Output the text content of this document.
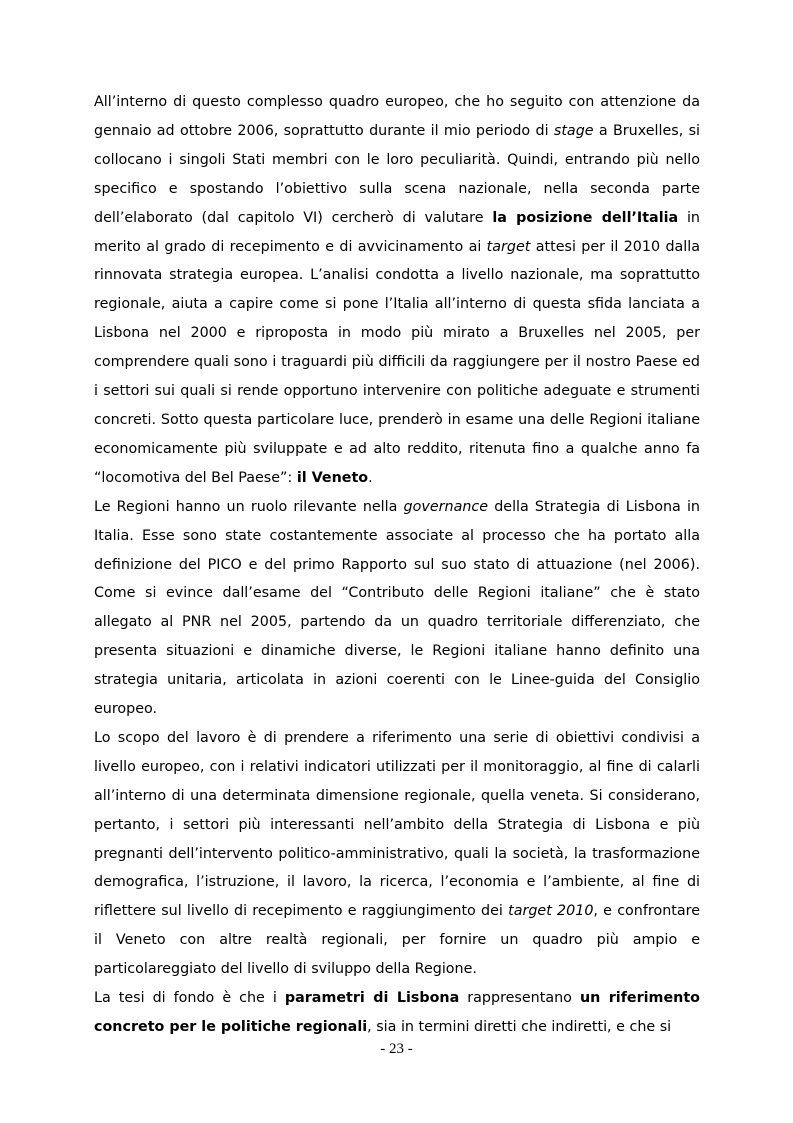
All’interno di questo complesso quadro europeo, che ho seguito con attenzione da gennaio ad ottobre 2006, soprattutto durante il mio periodo di stage a Bruxelles, si collocano i singoli Stati membri con le loro peculiarità. Quindi, entrando più nello specifico e spostando l’obiettivo sulla scena nazionale, nella seconda parte dell’elaborato (dal capitolo VI) cercherò di valutare la posizione dell’Italia in merito al grado di recepimento e di avvicinamento ai target attesi per il 2010 dalla rinnovata strategia europea. L’analisi condotta a livello nazionale, ma soprattutto regionale, aiuta a capire come si pone l’Italia all’interno di questa sfida lanciata a Lisbona nel 2000 e riproposta in modo più mirato a Bruxelles nel 2005, per comprendere quali sono i traguardi più difficili da raggiungere per il nostro Paese ed i settori sui quali si rende opportuno intervenire con politiche adeguate e strumenti concreti. Sotto questa particolare luce, prenderò in esame una delle Regioni italiane economicamente più sviluppate e ad alto reddito, ritenuta fino a qualche anno fa “locomotiva del Bel Paese”: il Veneto.

Le Regioni hanno un ruolo rilevante nella governance della Strategia di Lisbona in Italia. Esse sono state costantemente associate al processo che ha portato alla definizione del PICO e del primo Rapporto sul suo stato di attuazione (nel 2006). Come si evince dall’esame del “Contributo delle Regioni italiane” che è stato allegato al PNR nel 2005, partendo da un quadro territoriale differenziato, che presenta situazioni e dinamiche diverse, le Regioni italiane hanno definito una strategia unitaria, articolata in azioni coerenti con le Linee-guida del Consiglio europeo.

Lo scopo del lavoro è di prendere a riferimento una serie di obiettivi condivisi a livello europeo, con i relativi indicatori utilizzati per il monitoraggio, al fine di calarli all’interno di una determinata dimensione regionale, quella veneta. Si considerano, pertanto, i settori più interessanti nell’ambito della Strategia di Lisbona e più pregnanti dell’intervento politico-amministrativo, quali la società, la trasformazione demografica, l’istruzione, il lavoro, la ricerca, l’economia e l’ambiente, al fine di riflettere sul livello di recepimento e raggiungimento dei target 2010, e confrontare il Veneto con altre realtà regionali, per fornire un quadro più ampio e particolareggiato del livello di sviluppo della Regione.

La tesi di fondo è che i parametri di Lisbona rappresentano un riferimento concreto per le politiche regionali, sia in termini diretti che indiretti, e che si

- 23 -
